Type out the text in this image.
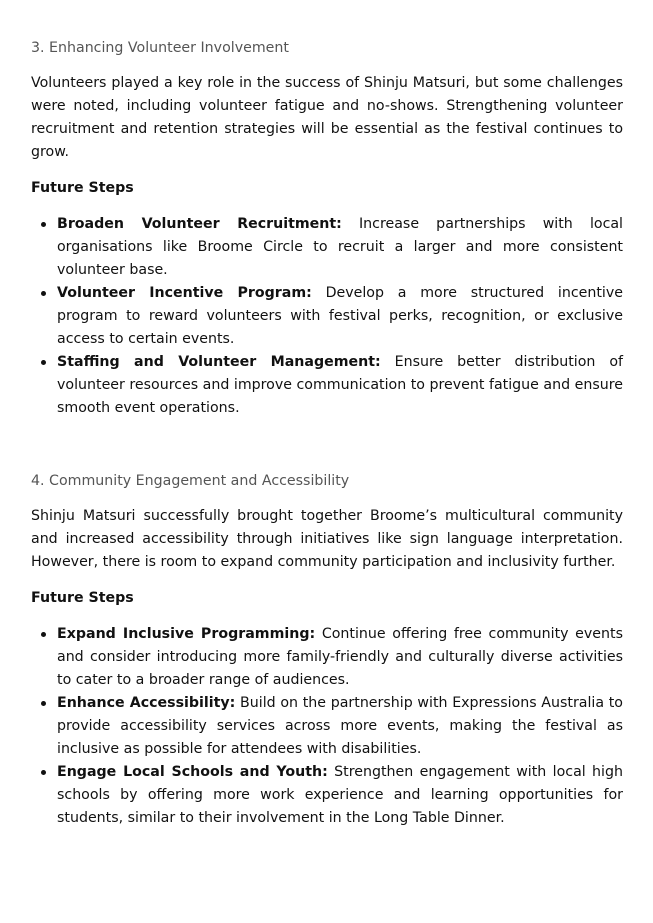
3. Enhancing Volunteer Involvement

Volunteers played a key role in the success of Shinju Matsuri, but some challenges were noted, including volunteer fatigue and no-shows. Strengthening volunteer recruitment and retention strategies will be essential as the festival continues to grow.

Future Steps
Broaden Volunteer Recruitment: Increase partnerships with local organisations like Broome Circle to recruit a larger and more consistent volunteer base.
Volunteer Incentive Program: Develop a more structured incentive program to reward volunteers with festival perks, recognition, or exclusive access to certain events.
Staffing and Volunteer Management: Ensure better distribution of volunteer resources and improve communication to prevent fatigue and ensure smooth event operations.
4. Community Engagement and Accessibility

Shinju Matsuri successfully brought together Broome’s multicultural community and increased accessibility through initiatives like sign language interpretation. However, there is room to expand community participation and inclusivity further.

Future Steps
Expand Inclusive Programming: Continue offering free community events and consider introducing more family-friendly and culturally diverse activities to cater to a broader range of audiences.
Enhance Accessibility: Build on the partnership with Expressions Australia to provide accessibility services across more events, making the festival as inclusive as possible for attendees with disabilities.
Engage Local Schools and Youth: Strengthen engagement with local high schools by offering more work experience and learning opportunities for students, similar to their involvement in the Long Table Dinner.
